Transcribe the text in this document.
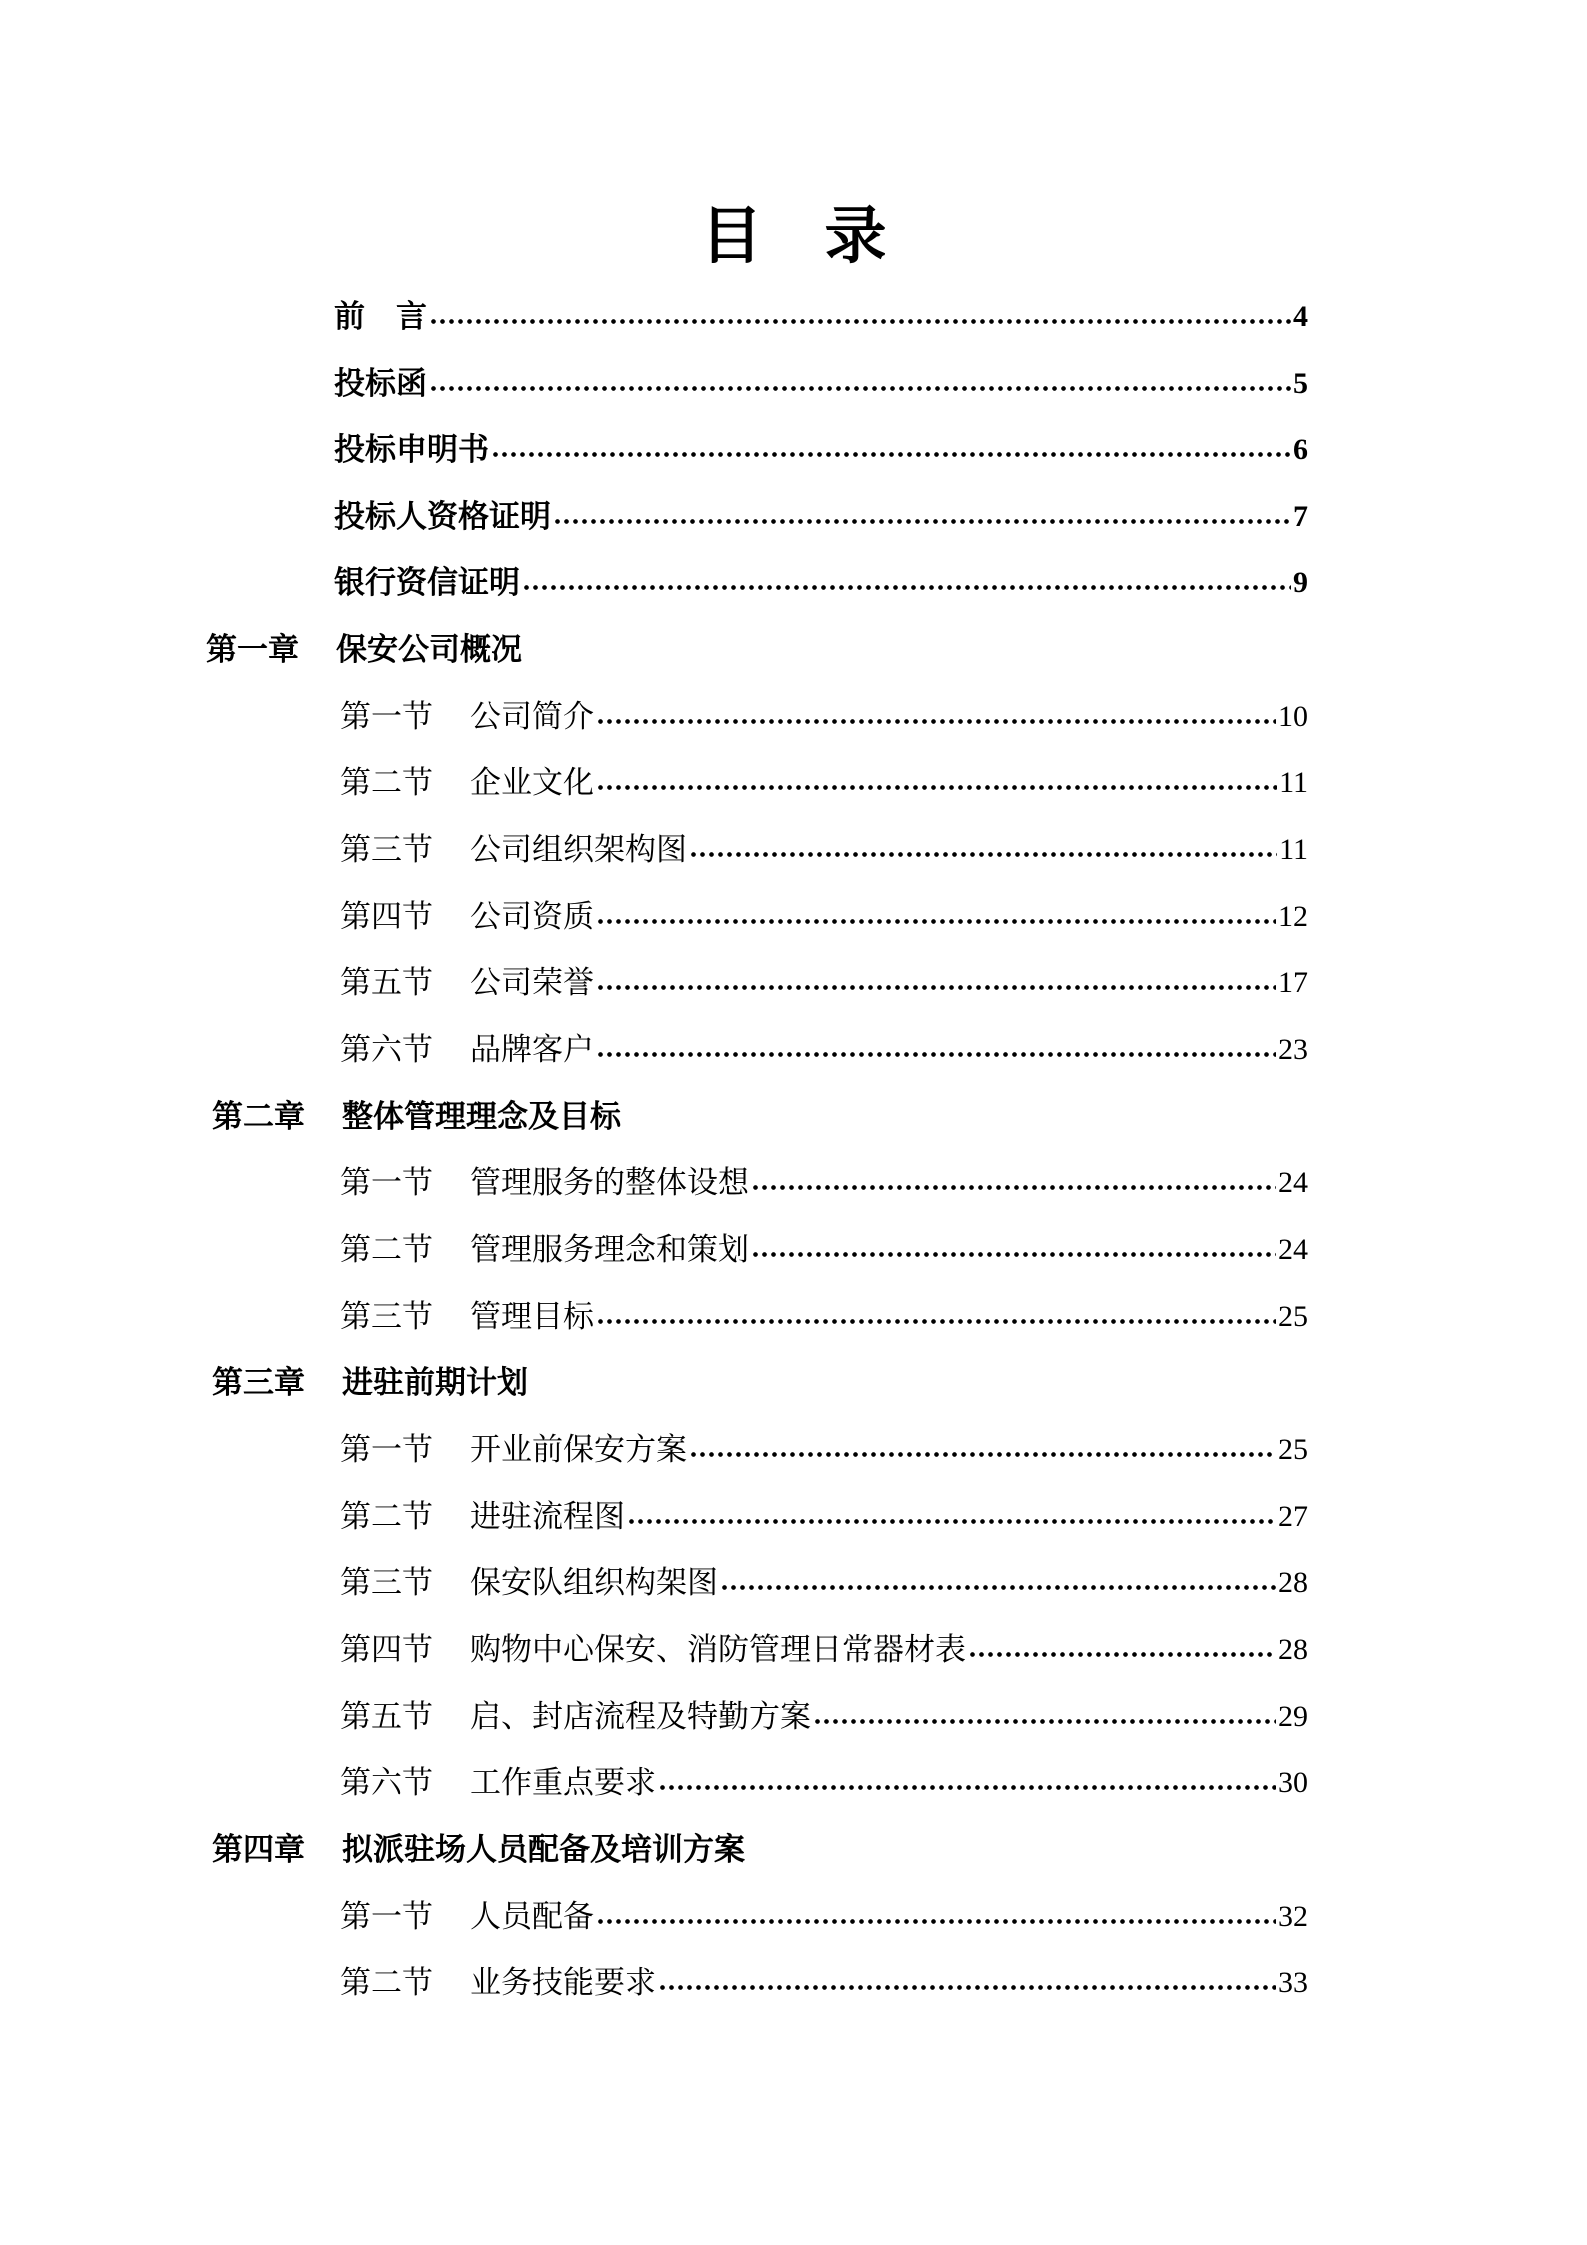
目　录
前　言	4
投标函	5
投标申明书	6
投标人资格证明	7
银行资信证明	9
第一章 保安公司概况
第一节 公司简介	10
第二节 企业文化	11
第三节 公司组织架构图	11
第四节 公司资质	12
第五节 公司荣誉	17
第六节 品牌客户	23
第二章 整体管理理念及目标
第一节 管理服务的整体设想	24
第二节 管理服务理念和策划	24
第三节 管理目标	25
第三章 进驻前期计划
第一节 开业前保安方案	25
第二节 进驻流程图	27
第三节 保安队组织构架图	28
第四节 购物中心保安、消防管理日常器材表	28
第五节 启、封店流程及特勤方案	29
第六节 工作重点要求	30
第四章 拟派驻场人员配备及培训方案
第一节 人员配备	32
第二节 业务技能要求	33
